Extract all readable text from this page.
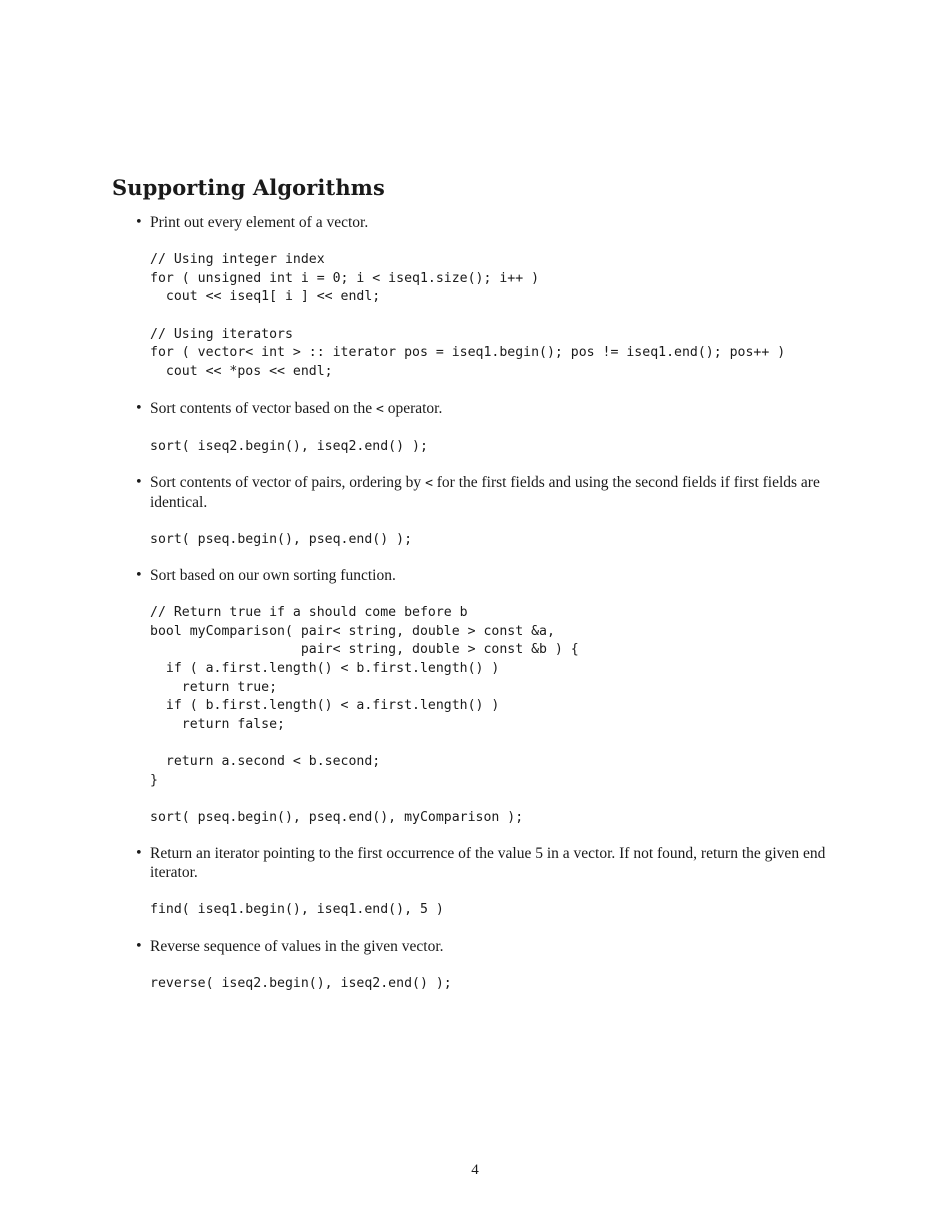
Supporting Algorithms
• Print out every element of a vector.

// Using integer index
for ( unsigned int i = 0; i < iseq1.size(); i++ )
cout << iseq1[ i ] << endl;

// Using iterators
for ( vector< int > :: iterator pos = iseq1.begin(); pos != iseq1.end(); pos++ )
cout << *pos << endl;
• Sort contents of vector based on the < operator.

sort( iseq2.begin(), iseq2.end() );
• Sort contents of vector of pairs, ordering by < for the first fields and using the second fields if first fields are identical.

sort( pseq.begin(), pseq.end() );
• Sort based on our own sorting function.

// Return true if a should come before b
bool myComparison( pair< string, double > const &a,
pair< string, double > const &b ) {
if ( a.first.length() < b.first.length() )
return true;
if ( b.first.length() < a.first.length() )
return false;

return a.second < b.second;
}

sort( pseq.begin(), pseq.end(), myComparison );
• Return an iterator pointing to the first occurrence of the value 5 in a vector. If not found, return the given end iterator.

find( iseq1.begin(), iseq1.end(), 5 )
• Reverse sequence of values in the given vector.

reverse( iseq2.begin(), iseq2.end() );
4
